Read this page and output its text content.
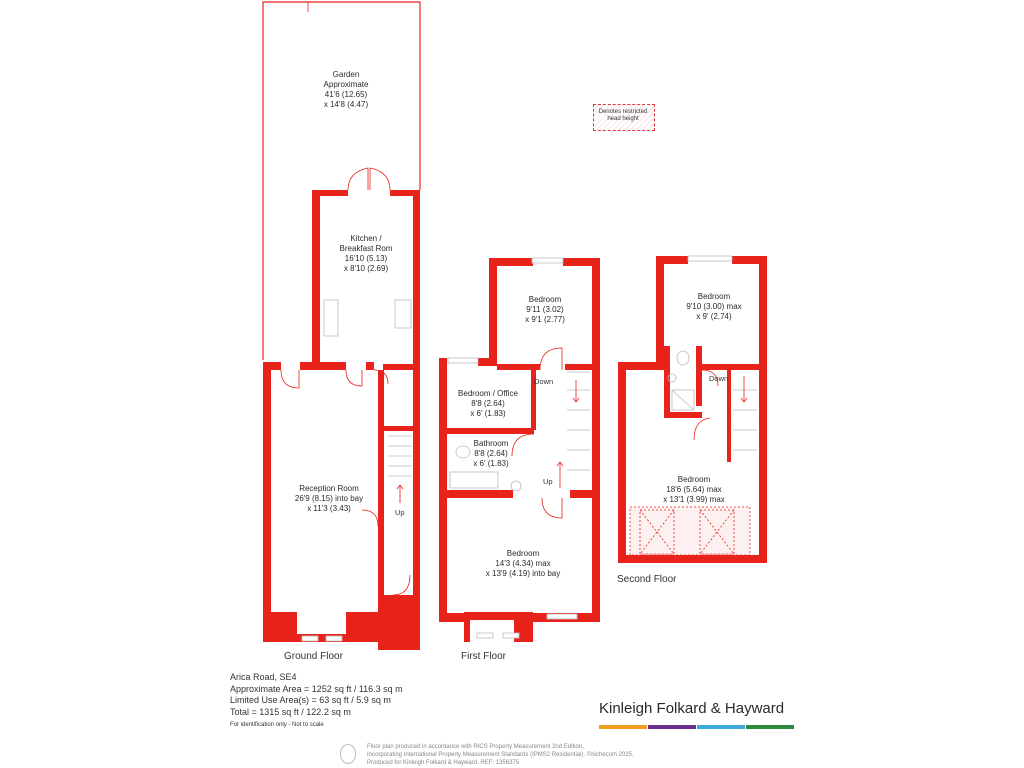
Denotes restricted head height
Garden
Approximate
41'6 (12.65)
x 14'8 (4.47)
Kitchen /
Breakfast Rom
16'10 (5.13)
x 8'10 (2.69)
Reception Room
26'9 (8.15) into bay
x 11'3 (3.43)	Up
Bedroom
9'11 (3.02)
x 9'1 (2.77)
Bedroom / Office
8'8 (2.64)
x 6' (1.83)
Bathroom
8'8 (2.64)
x 6' (1.83)
Bedroom
14'3 (4.34) max
x 13'9 (4.19) into bay
Down
Up
Bedroom
9'10 (3.00) max
x 9' (2.74)
Bedroom
18'6 (5.64) max
x 13'1 (3.99) max
Down
Ground Floor	First Floor
Second Floor
Arica Road, SE4
Approximate Area = 1252 sq ft / 116.3 sq m
Limited Use Area(s) = 63 sq ft / 5.9 sq m
Total = 1315 sq ft / 122.2 sq m
For identification only - Not to scale
Kinleigh Folkard & Hayward
Floor plan produced in accordance with RICS Property Measurement 2nd Edition,
Incorporating International Property Measurement Standards (IPMS2 Residential). ©nichecom 2025.
Produced for Kinleigh Folkard & Hayward. REF: 1356375
